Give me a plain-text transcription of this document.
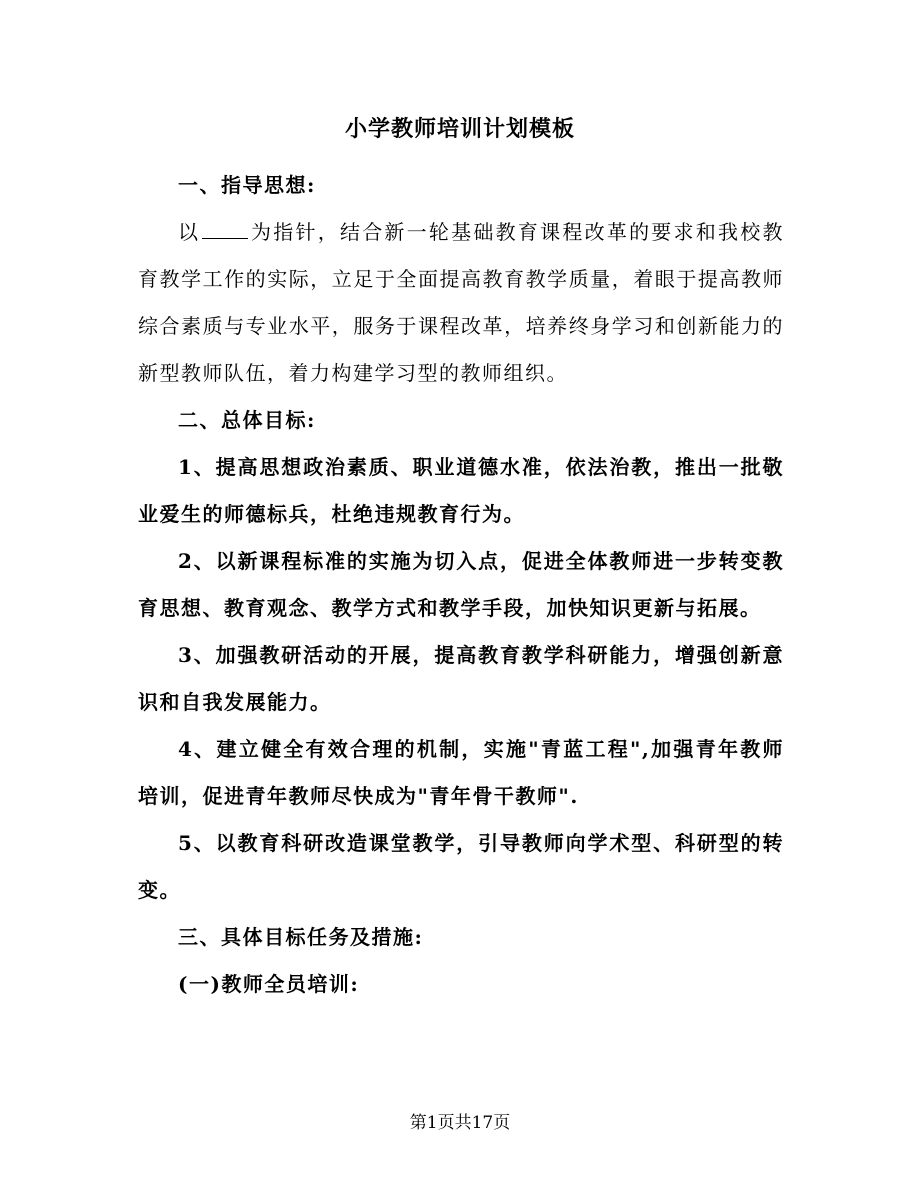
小学教师培训计划模板

一、指导思想:

以	为指针，结合新一轮基础教育课程改革的要求和我校教育教学工作的实际，立足于全面提高教育教学质量，着眼于提高教师综合素质与专业水平，服务于课程改革，培养终身学习和创新能力的新型教师队伍，着力构建学习型的教师组织。

二、总体目标:

1、提高思想政治素质、职业道德水准，依法治教，推出一批敬业爱生的师德标兵，杜绝违规教育行为。

2、以新课程标准的实施为切入点，促进全体教师进一步转变教育思想、教育观念、教学方式和教学手段，加快知识更新与拓展。

3、加强教研活动的开展，提高教育教学科研能力，增强创新意识和自我发展能力。

4、建立健全有效合理的机制，实施"青蓝工程",加强青年教师培训，促进青年教师尽快成为"青年骨干教师".

5、以教育科研改造课堂教学，引导教师向学术型、科研型的转变。

三、具体目标任务及措施:

(一)教师全员培训:

第1页共17页
